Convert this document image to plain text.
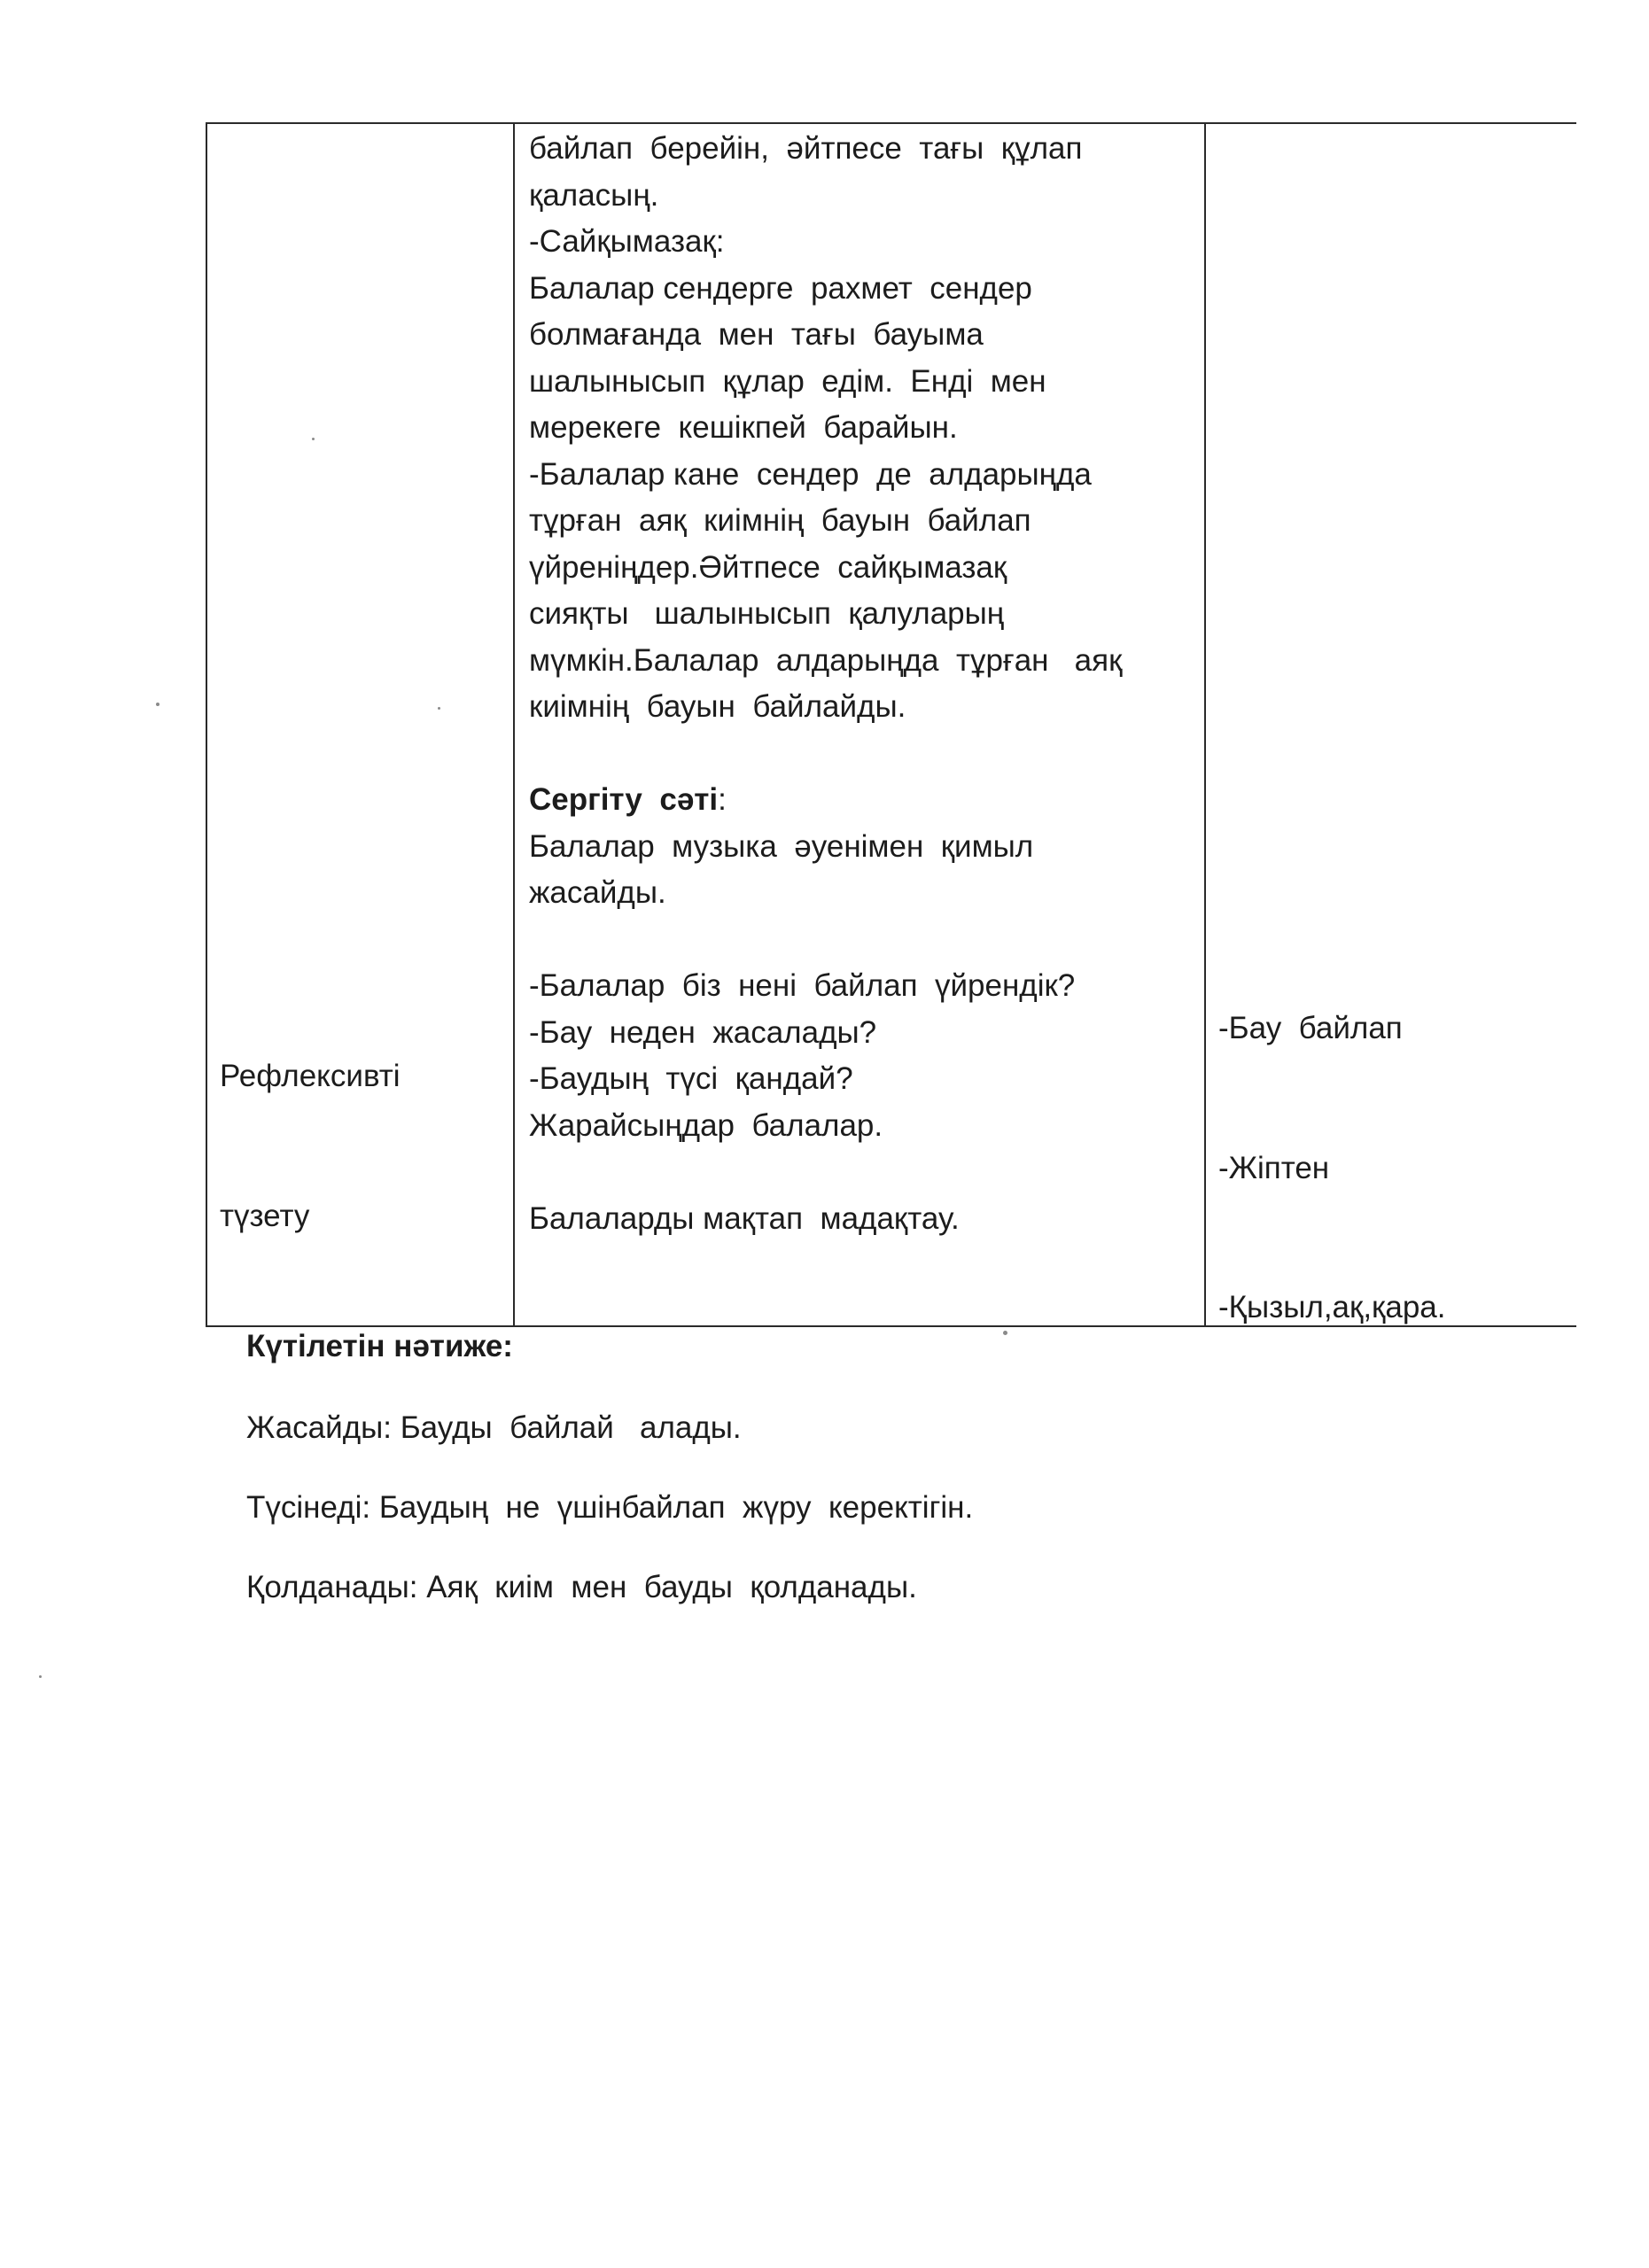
Рефлексивті

түзету

байлап  берейін,  әйтпесе  тағы  құлап
қаласың.
-Сайқымазақ:
Балалар сендерге  рахмет  сендер
болмағанда  мен  тағы  бауыма
шалынысып  құлар  едім.  Енді  мен
мерекеге  кешікпей  барайын.
-Балалар кане  сендер  де  алдарыңда
тұрған  аяқ  киімнің  бауын  байлап
үйреніңдер.Әйтпесе  сайқымазақ
сияқты   шалынысып  қалуларың
мүмкін.Балалар  алдарыңда  тұрған   аяқ
киімнің  бауын  байлайды.
Сергіту  сәті:
Балалар  музыка  әуенімен  қимыл
жасайды.
-Балалар  біз  нені  байлап  үйрендік?
-Бау  неден  жасалады?
-Баудың  түсі  қандай?
Жарайсыңдар  балалар.
Балаларды мақтап  мадақтау.

-Бау  байлап

-Жіптен

-Қызыл,ақ,қара.

Күтілетін нәтиже:
Жасайды: Бауды  байлай   алады.
Түсінеді: Баудың  не  үшінбайлап  жүру  керектігін.
Қолданады: Аяқ  киім  мен  бауды  қолданады.
